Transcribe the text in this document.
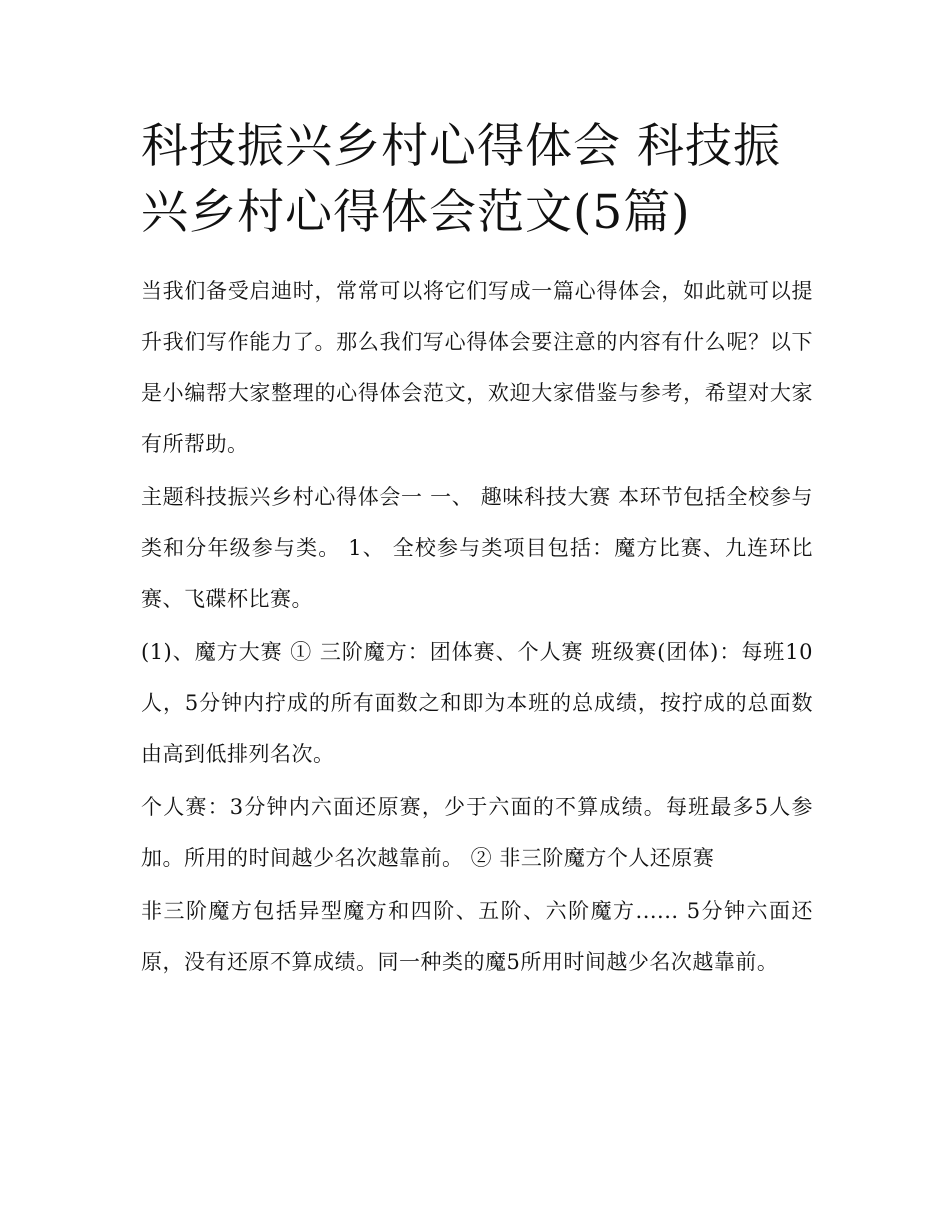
科技振兴乡村心得体会 科技振兴乡村心得体会范文(5篇)

当我们备受启迪时，常常可以将它们写成一篇心得体会，如此就可以提升我们写作能力了。那么我们写心得体会要注意的内容有什么呢？以下是小编帮大家整理的心得体会范文，欢迎大家借鉴与参考，希望对大家有所帮助。

主题科技振兴乡村心得体会一 一、 趣味科技大赛 本环节包括全校参与类和分年级参与类。 1、 全校参与类项目包括：魔方比赛、九连环比赛、飞碟杯比赛。

(1)、魔方大赛 ① 三阶魔方：团体赛、个人赛 班级赛(团体)：每班10人，5分钟内拧成的所有面数之和即为本班的总成绩，按拧成的总面数由高到低排列名次。

个人赛：3分钟内六面还原赛，少于六面的不算成绩。每班最多5人参加。所用的时间越少名次越靠前。 ② 非三阶魔方个人还原赛

非三阶魔方包括异型魔方和四阶、五阶、六阶魔方...... 5分钟六面还原，没有还原不算成绩。同一种类的魔5所用时间越少名次越靠前。
